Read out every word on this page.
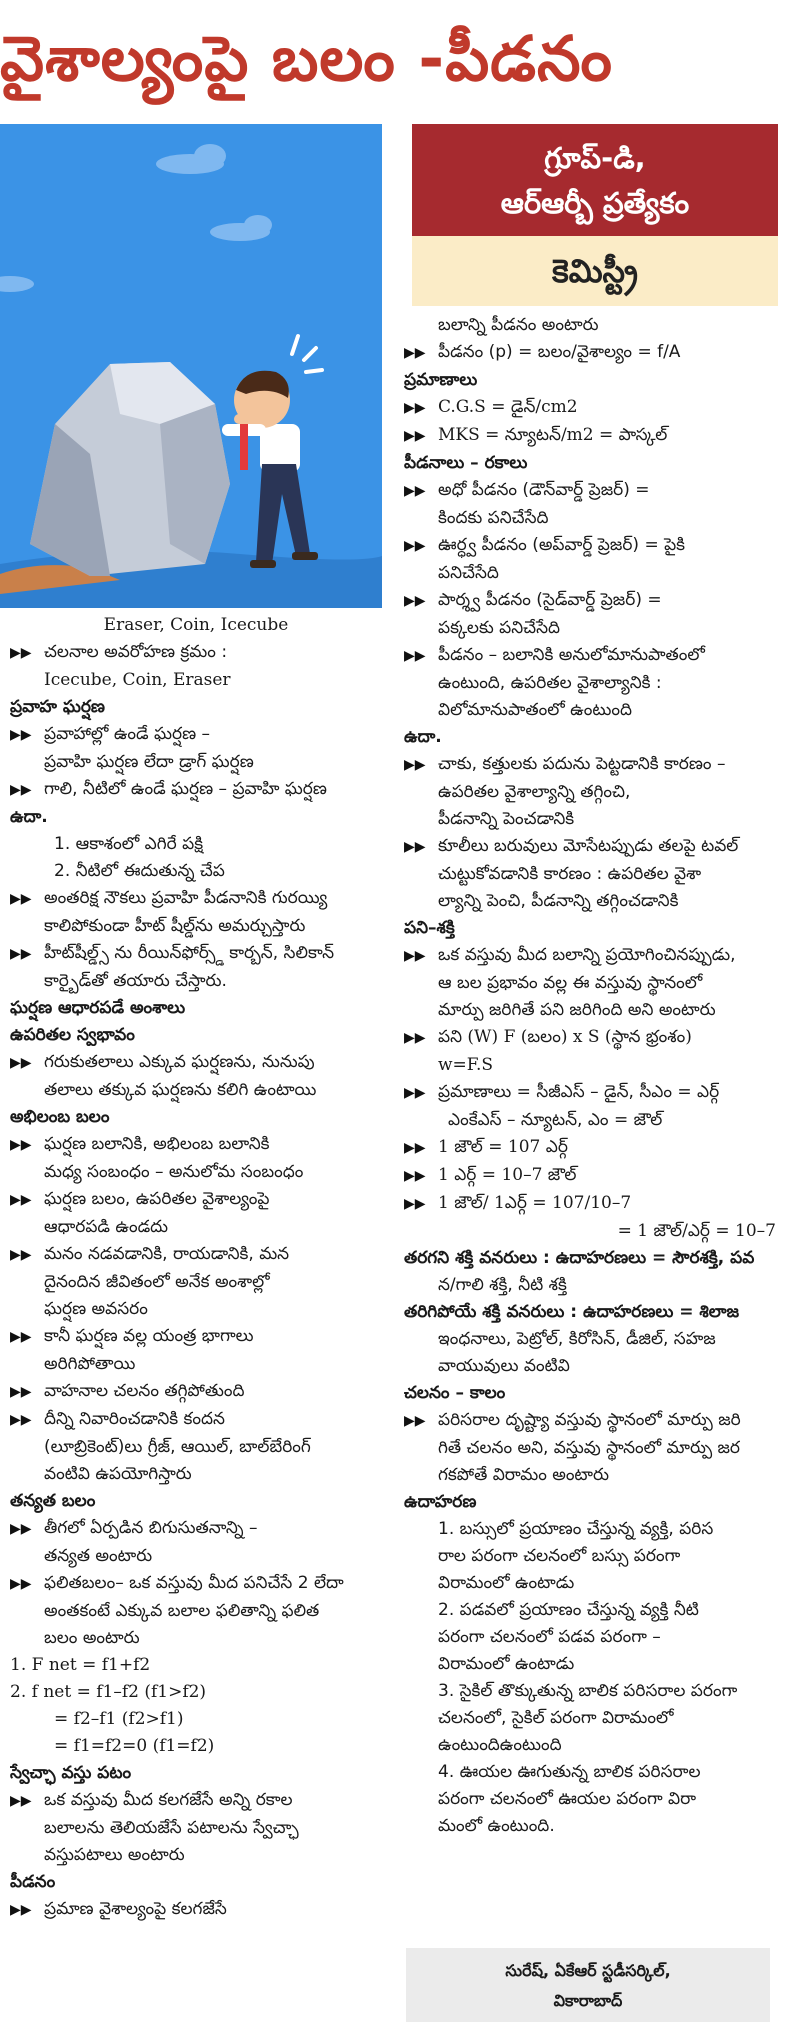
వైశాల్యంపై బలం -పీడనం
గ్రూప్-డి,
ఆర్ఆర్బీ ప్రత్యేకం
కెమిస్ట్రీ
Eraser, Coin, Icecube
▶▶ చలనాల అవరోహణ క్రమం :
Icecube, Coin, Eraser
ప్రవాహ ఘర్షణ
▶▶ ప్రవాహాల్లో ఉండే ఘర్షణ –
ప్రవాహి ఘర్షణ లేదా డ్రాగ్ ఘర్షణ
▶▶ గాలి, నీటిలో ఉండే ఘర్షణ – ప్రవాహి ఘర్షణ
ఉదా.
1. ఆకాశంలో ఎగిరే పక్షి
2. నీటిలో ఈదుతున్న చేప
▶▶ అంతరిక్ష నౌకలు ప్రవాహి పీడనానికి గురయ్యి
కాలిపోకుండా హీట్ షీల్డ్‌ను అమర్చుస్తారు
▶▶ హీట్‌షీల్డ్స్ ను రీయిన్‌ఫోర్స్డ్ కార్బన్, సిలికాన్
కార్బైడ్‌తో తయారు చేస్తారు.
ఘర్షణ ఆధారపడే అంశాలు
ఉపరితల స్వభావం
▶▶ గరుకుతలాలు ఎక్కువ ఘర్షణను, నునుపు
తలాలు తక్కువ ఘర్షణను కలిగి ఉంటాయి
అభిలంబ బలం
▶▶ ఘర్షణ బలానికి, అభిలంబ బలానికి
మధ్య సంబంధం – అనులోమ సంబంధం
▶▶ ఘర్షణ బలం, ఉపరితల వైశాల్యంపై
ఆధారపడి ఉండదు
▶▶ మనం నడవడానికి, రాయడానికి, మన
దైనందిన జీవితంలో అనేక అంశాల్లో
ఘర్షణ అవసరం
▶▶ కానీ ఘర్షణ వల్ల యంత్ర భాగాలు
అరిగిపోతాయి
▶▶ వాహనాల చలనం తగ్గిపోతుంది
▶▶ దీన్ని నివారించడానికి కందన
(లూబ్రికెంట్)లు గ్రీజ్, ఆయిల్, బాల్‌బేరింగ్
వంటివి ఉపయోగిస్తారు
తన్యత బలం
▶▶ తీగలో ఏర్పడిన బిగుసుతనాన్ని –
తన్యత అంటారు
▶▶ ఫలితబలం– ఒక వస్తువు మీద పనిచేసే 2 లేదా
అంతకంటే ఎక్కువ బలాల ఫలితాన్ని ఫలిత
బలం అంటారు
1. F net = f1+f2
2. f net = f1–f2 (f1>f2)
= f2–f1 (f2>f1)
= f1=f2=0 (f1=f2)
స్వేచ్ఛా వస్తు పటం
▶▶ ఒక వస్తువు మీద కలగజేసే అన్ని రకాల
బలాలను తెలియజేసే పటాలను స్వేచ్ఛా
వస్తుపటాలు అంటారు
పీడనం
▶▶ ప్రమాణ వైశాల్యంపై కలగజేసే
బలాన్ని పీడనం అంటారు
▶▶ పీడనం (p) = బలం/వైశాల్యం = f/A
ప్రమాణాలు
▶▶ C.G.S = డైన్/cm2
▶▶ MKS = న్యూటన్/m2 = పాస్కల్
పీడనాలు – రకాలు
▶▶ అధో పీడనం (డౌన్‌వార్డ్ ప్రెజర్) =
కిందకు పనిచేసేది
▶▶ ఊర్ధ్వ పీడనం (అప్‌వార్డ్ ప్రెజర్) = పైకి
పనిచేసేది
▶▶ పార్శ్వ పీడనం (సైడ్‌వార్డ్ ప్రెజర్) =
పక్కలకు పనిచేసేది
▶▶ పీడనం – బలానికి అనులోమానుపాతంలో
ఉంటుంది, ఉపరితల వైశాల్యానికి :
విలోమానుపాతంలో ఉంటుంది
ఉదా.
▶▶ చాకు, కత్తులకు పదును పెట్టడానికి కారణం –
ఉపరితల వైశాల్యాన్ని తగ్గించి,
పీడనాన్ని పెంచడానికి
▶▶ కూలీలు బరువులు మోసేటప్పుడు తలపై టవల్
చుట్టుకోవడానికి కారణం : ఉపరితల వైశా
ల్యాన్ని పెంచి, పీడనాన్ని తగ్గించడానికి
పని–శక్తి
▶▶ ఒక వస్తువు మీద బలాన్ని ప్రయోగించినప్పుడు,
ఆ బల ప్రభావం వల్ల ఈ వస్తువు స్థానంలో
మార్పు జరిగితే పని జరిగింది అని అంటారు
▶▶ పని (W) F (బలం) x S (స్థాన భ్రంశం)
w=F.S
▶▶ ప్రమాణాలు = సీజీఎస్ – డైన్, సీఎం = ఎర్గ్
ఎంకేఎస్ – న్యూటన్, ఎం = జౌల్
▶▶ 1 జౌల్ = 107 ఎర్గ్
▶▶ 1 ఎర్గ్ = 10–7 జౌల్
▶▶ 1 జౌల్/ 1ఎర్గ్ = 107/10–7
= 1 జౌల్/ఎర్గ్ = 10–7
తరగని శక్తి వనరులు : ఉదాహరణలు = సౌరశక్తి, పవ
న/గాలి శక్తి, నీటి శక్తి
తరిగిపోయే శక్తి వనరులు : ఉదాహరణలు = శిలాజ
ఇంధనాలు, పెట్రోల్, కిరోసిన్, డీజిల్, సహజ
వాయువులు వంటివి
చలనం – కాలం
▶▶ పరిసరాల దృష్ట్యా వస్తువు స్థానంలో మార్పు జరి
గితే చలనం అని, వస్తువు స్థానంలో మార్పు జర
గకపోతే విరామం అంటారు
ఉదాహరణ
1. బస్సులో ప్రయాణం చేస్తున్న వ్యక్తి, పరిస
రాల పరంగా చలనంలో బస్సు పరంగా
విరామంలో ఉంటాడు
2. పడవలో ప్రయాణం చేస్తున్న వ్యక్తి నీటి
పరంగా చలనంలో పడవ పరంగా –
విరామంలో ఉంటాడు
3. సైకిల్ తొక్కుతున్న బాలిక పరిసరాల పరంగా
చలనంలో, సైకిల్ పరంగా విరామంలో
ఉంటుందిఉంటుంది
4. ఊయల ఊగుతున్న బాలిక పరిసరాల
పరంగా చలనంలో ఊయల పరంగా విరా
మంలో ఉంటుంది.
సురేష్, ఏకేఆర్ స్టడీసర్కిల్,
వికారాబాద్
